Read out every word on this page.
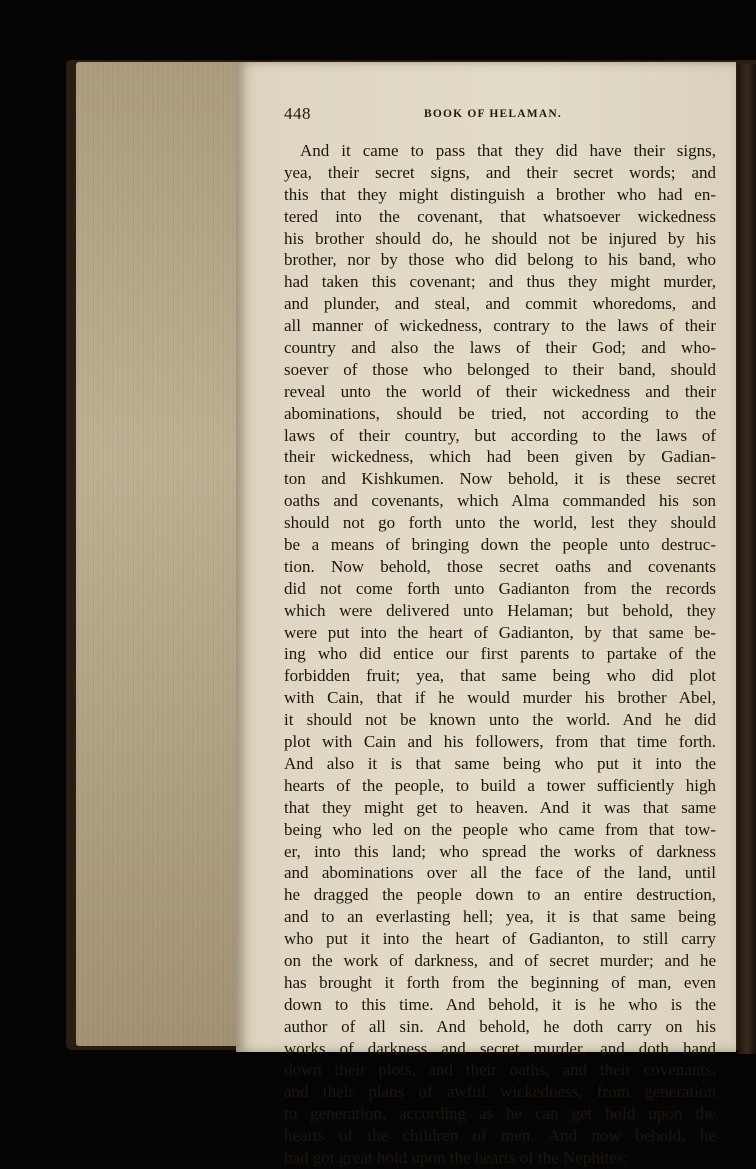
448	BOOK OF HELAMAN.
And it came to pass that they did have their signs,
yea, their secret signs, and their secret words; and
this that they might distinguish a brother who had en-
tered into the covenant, that whatsoever wickedness
his brother should do, he should not be injured by his
brother, nor by those who did belong to his band, who
had taken this covenant; and thus they might murder,
and plunder, and steal, and commit whoredoms, and
all manner of wickedness, contrary to the laws of their
country and also the laws of their God; and who-
soever of those who belonged to their band, should
reveal unto the world of their wickedness and their
abominations, should be tried, not according to the
laws of their country, but according to the laws of
their wickedness, which had been given by Gadian-
ton and Kishkumen. Now behold, it is these secret
oaths and covenants, which Alma commanded his son
should not go forth unto the world, lest they should
be a means of bringing down the people unto destruc-
tion. Now behold, those secret oaths and covenants
did not come forth unto Gadianton from the records
which were delivered unto Helaman; but behold, they
were put into the heart of Gadianton, by that same be-
ing who did entice our first parents to partake of the
forbidden fruit; yea, that same being who did plot
with Cain, that if he would murder his brother Abel,
it should not be known unto the world. And he did
plot with Cain and his followers, from that time forth.
And also it is that same being who put it into the
hearts of the people, to build a tower sufficiently high
that they might get to heaven. And it was that same
being who led on the people who came from that tow-
er, into this land; who spread the works of darkness
and abominations over all the face of the land, until
he dragged the people down to an entire destruction,
and to an everlasting hell; yea, it is that same being
who put it into the heart of Gadianton, to still carry
on the work of darkness, and of secret murder; and he
has brought it forth from the beginning of man, even
down to this time. And behold, it is he who is the
author of all sin. And behold, he doth carry on his
works of darkness and secret murder, and doth hand
down their plots, and their oaths, and their covenants,
and their plans of awful wickedness, from generation
to generation, according as he can get hold upon the
hearts of the children of men. And now behold, he
had got great hold upon the hearts of the Nephites;
